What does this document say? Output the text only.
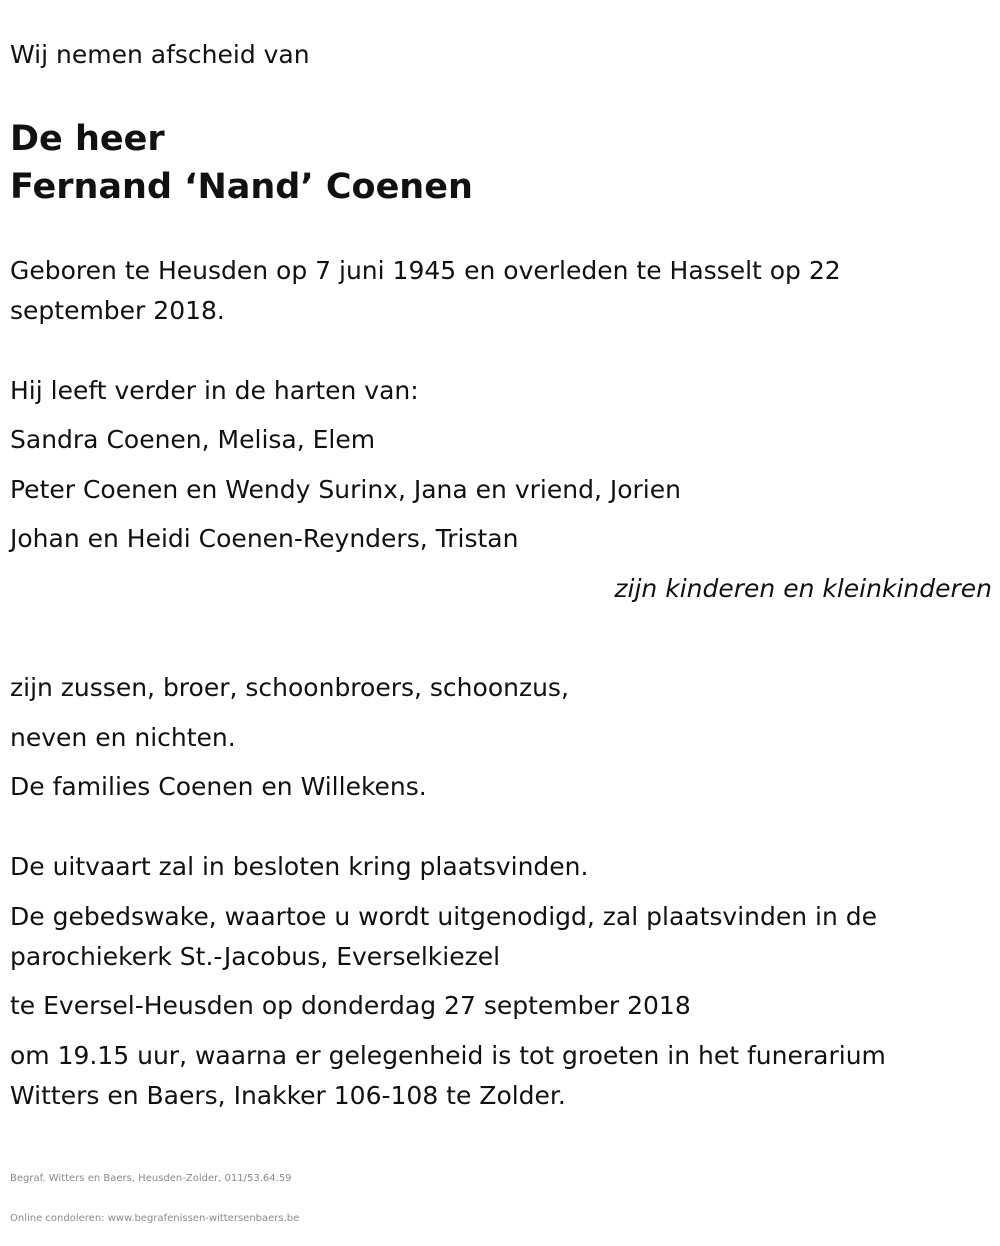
Wij nemen afscheid van

De heer
Fernand ‘Nand’ Coenen

Geboren te Heusden op 7 juni 1945 en overleden te Hasselt op 22 september 2018.

Hij leeft verder in de harten van:

Sandra Coenen, Melisa, Elem

Peter Coenen en Wendy Surinx, Jana en vriend, Jorien

Johan en Heidi Coenen-Reynders, Tristan

zijn kinderen en kleinkinderen

zijn zussen, broer, schoonbroers, schoonzus,

neven en nichten.

De families Coenen en Willekens.

De uitvaart zal in besloten kring plaatsvinden.

De gebedswake, waartoe u wordt uitgenodigd, zal plaatsvinden in de parochiekerk St.-Jacobus, Everselkiezel

te Eversel-Heusden op donderdag 27 september 2018

om 19.15 uur, waarna er gelegenheid is tot groeten in het funerarium Witters en Baers, Inakker 106-108 te Zolder.

Begraf. Witters en Baers, Heusden-Zolder, 011/53.64.59

Online condoleren: www.begrafenissen-wittersenbaers.be
